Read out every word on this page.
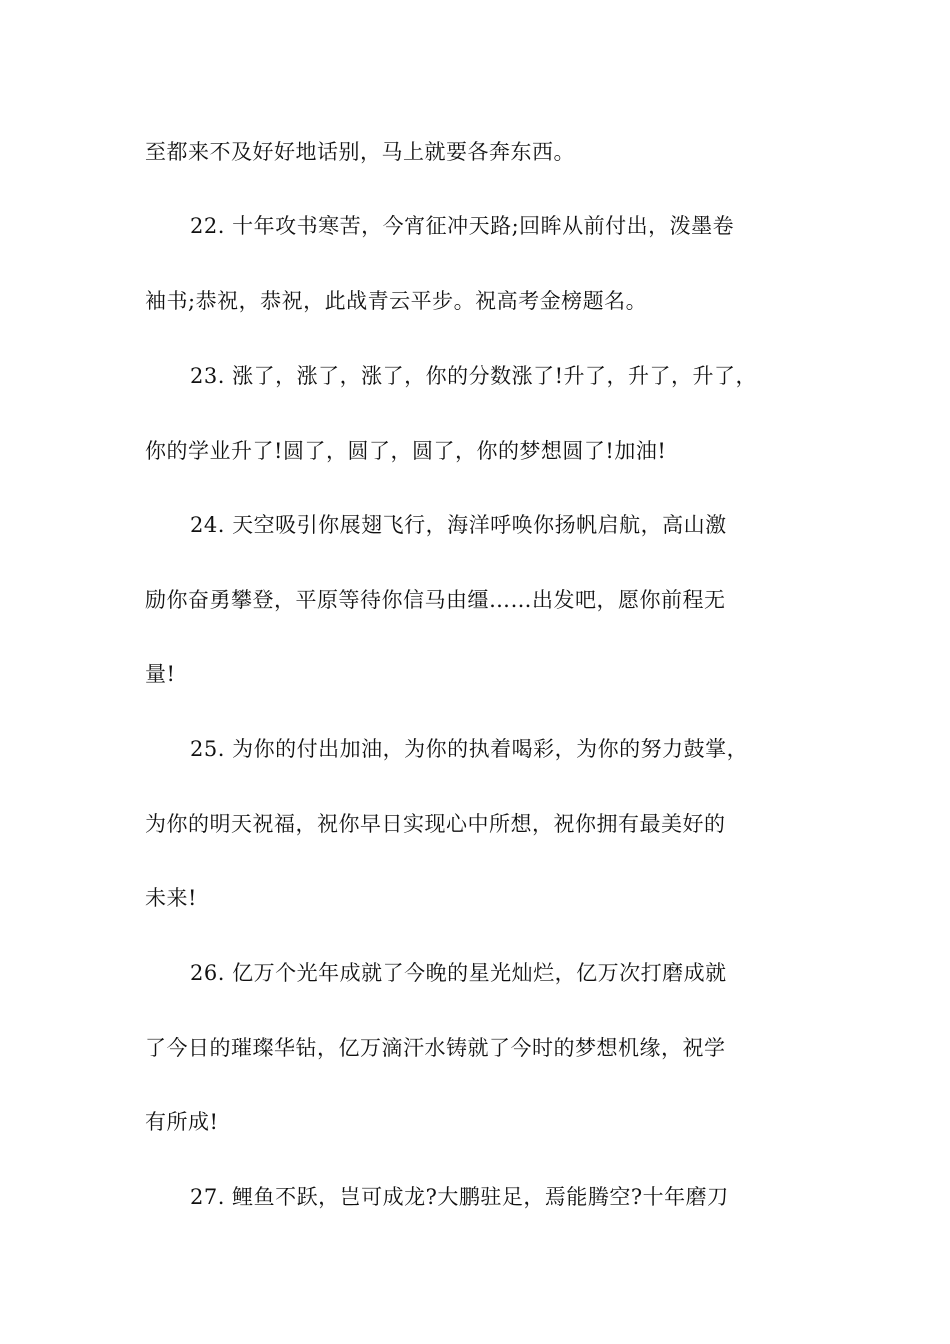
至都来不及好好地话别，马上就要各奔东西。
22. 十年攻书寒苦，今宵征冲天路;回眸从前付出，泼墨卷
袖书;恭祝，恭祝，此战青云平步。祝高考金榜题名。
23. 涨了，涨了，涨了，你的分数涨了!升了，升了，升了，
你的学业升了!圆了，圆了，圆了，你的梦想圆了!加油!
24. 天空吸引你展翅飞行，海洋呼唤你扬帆启航，高山激
励你奋勇攀登，平原等待你信马由缰……出发吧，愿你前程无
量!
25. 为你的付出加油，为你的执着喝彩，为你的努力鼓掌，
为你的明天祝福，祝你早日实现心中所想，祝你拥有最美好的
未来!
26. 亿万个光年成就了今晚的星光灿烂，亿万次打磨成就
了今日的璀璨华钻，亿万滴汗水铸就了今时的梦想机缘，祝学
有所成!
27. 鲤鱼不跃，岂可成龙?大鹏驻足，焉能腾空?十年磨刀
